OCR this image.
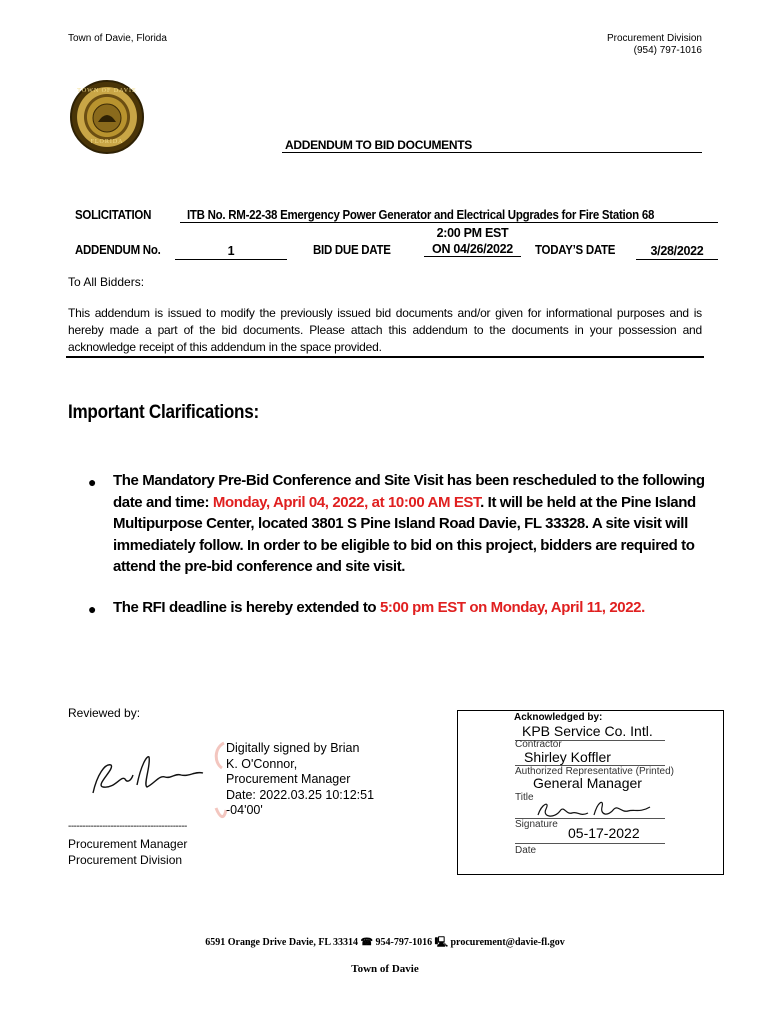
Town of Davie, Florida	Procurement Division
(954) 797-1016
TOWN OF DAVIE
FLORIDA	ADDENDUM TO BID DOCUMENTS
SOLICITATION	ITB No. RM-22-38 Emergency Power Generator and Electrical Upgrades for Fire Station 68
ADDENDUM No.	1	BID DUE DATE
2:00 PM EST
ON 04/26/2022	TODAY’S DATE	3/28/2022
To All Bidders:
This addendum is issued to modify the previously issued bid documents and/or given for informational purposes and is hereby made a part of the bid documents. Please attach this addendum to the documents in your possession and acknowledge receipt of this addendum in the space provided.
Important Clarifications:
● The Mandatory Pre-Bid Conference and Site Visit has been rescheduled to the following date and time: Monday, April 04, 2022, at 10:00 AM EST. It will be held at the Pine Island Multipurpose Center, located 3801 S Pine Island Road Davie, FL 33328. A site visit will immediately follow. In order to be eligible to bid on this project, bidders are required to attend the pre-bid conference and site visit.
● The RFI deadline is hereby extended to 5:00 pm EST on Monday, April 11, 2022.
Reviewed by:
Digitally signed by Brian
K. O'Connor,
Procurement Manager
Date: 2022.03.25 10:12:51
-04'00'
------------------------------------------
Procurement Manager
Procurement Division
Acknowledged by:
KPB Service Co. Intl.
Contractor
Shirley Koffler
Authorized Representative (Printed)
General Manager
Title
Signature
05-17-2022
Date
6591 Orange Drive Davie, FL 33314 ☎ 954-797-1016 🖳 procurement@davie-fl.gov
Town of Davie
